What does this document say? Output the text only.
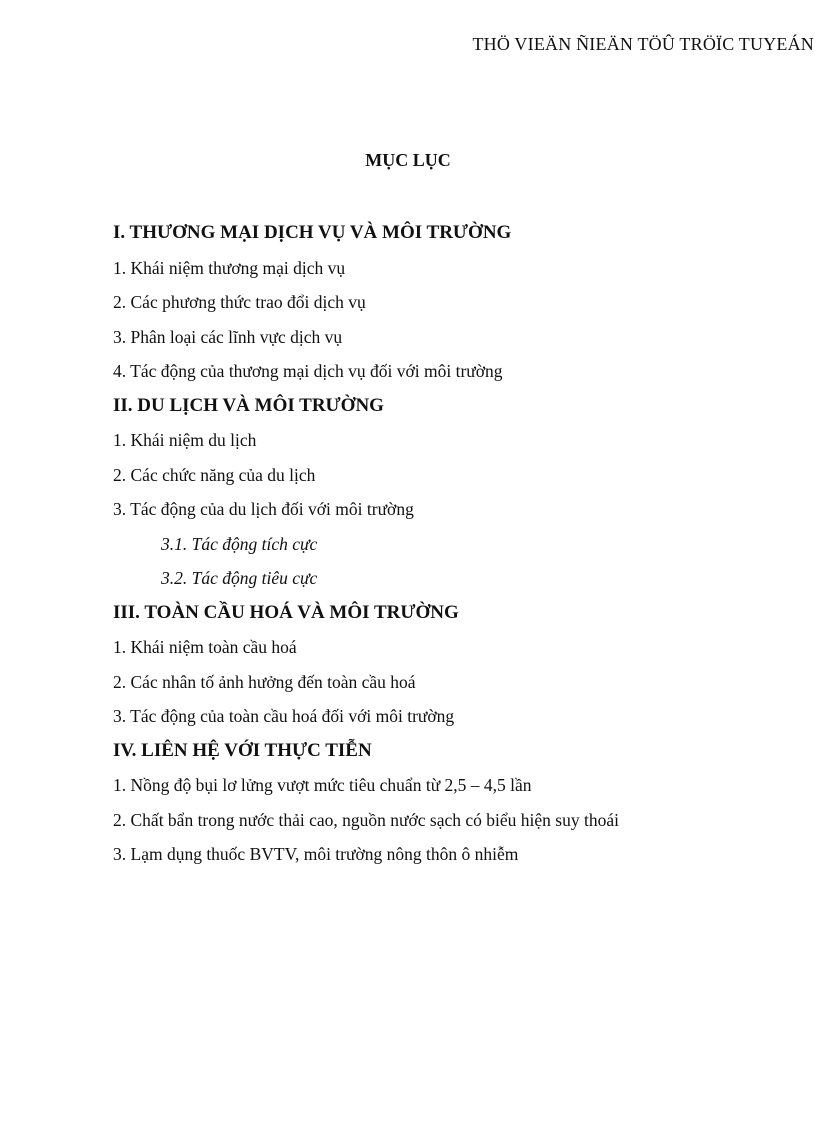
THÖ VIEÄN ÑIEÄN TÖÛ TRÖÏC TUYEÁN
MỤC LỤC
I. THƯƠNG MẠI DỊCH VỤ VÀ MÔI TRƯỜNG
1. Khái niệm thương mại dịch vụ
2. Các phương thức trao đổi dịch vụ
3. Phân loại các lĩnh vực dịch vụ
4. Tác động của thương mại dịch vụ đối với môi trường
II. DU LỊCH VÀ MÔI TRƯỜNG
1. Khái niệm du lịch
2. Các chức năng của du lịch
3. Tác động của du lịch đối với môi trường
3.1. Tác động tích cực
3.2. Tác động tiêu cực
III. TOÀN CẦU HOÁ VÀ MÔI TRƯỜNG
1. Khái niệm toàn cầu hoá
2. Các nhân tố ảnh hưởng đến toàn cầu hoá
3. Tác động của toàn cầu hoá đối với môi trường
IV. LIÊN HỆ VỚI THỰC TIỄN
1. Nồng độ bụi lơ lửng vượt mức tiêu chuẩn từ 2,5 – 4,5 lần
2. Chất bẩn trong nước thải cao, nguồn nước sạch có biểu hiện suy thoái
3. Lạm dụng thuốc BVTV, môi trường nông thôn ô nhiễm
